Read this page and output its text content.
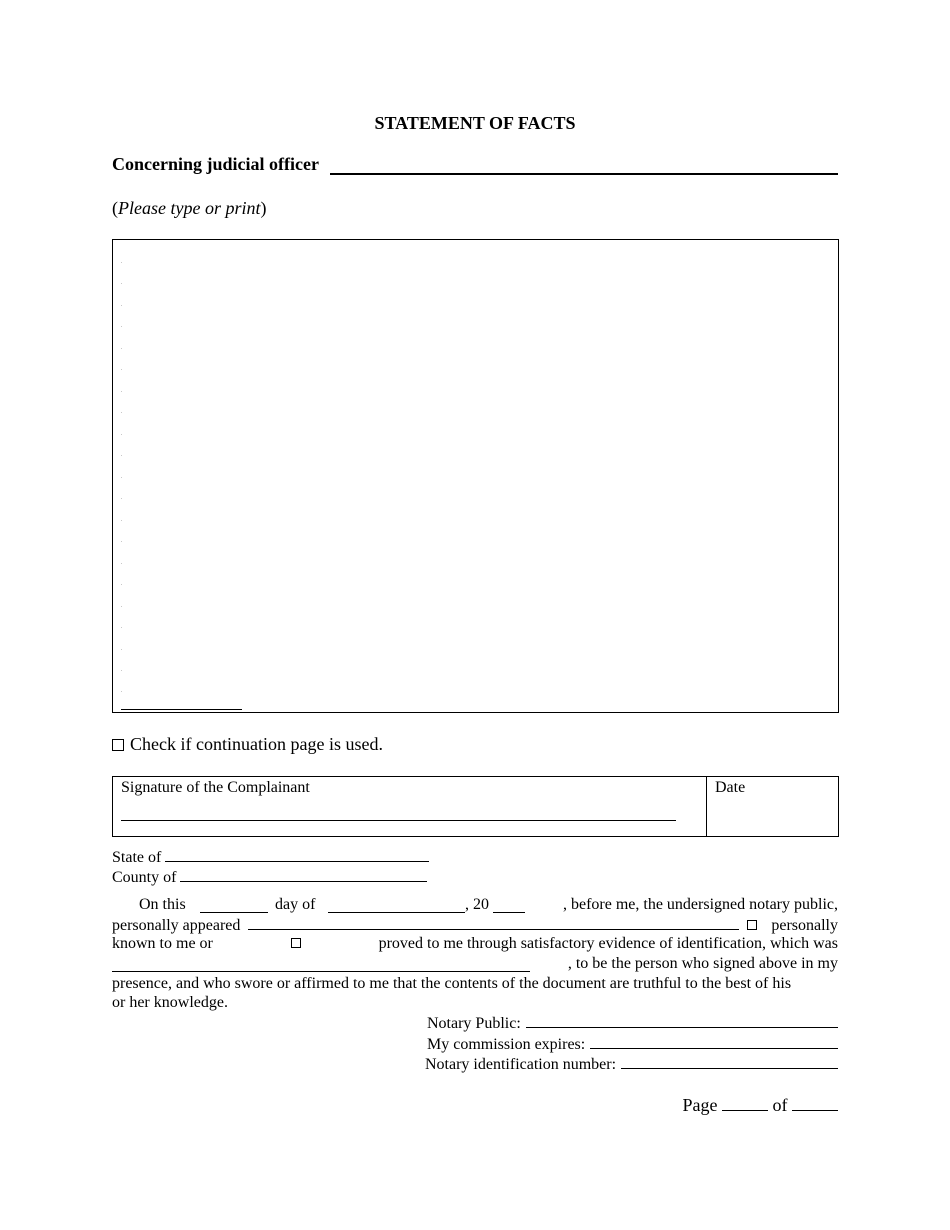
STATEMENT OF FACTS
Concerning judicial officer
(Please type or print)
Check if continuation page is used.
Signature of the Complainant	Date
State of
County of
On this	day of	, 20	, before me, the undersigned notary public,
personally appeared	personally
known to me or	proved to me through satisfactory evidence of identification, which was
, to be the person who signed above in my
presence, and who swore or affirmed to me that the contents of the document are truthful to the best of his
or her knowledge.
Notary Public:
My commission expires:
Notary identification number:
Page	of
